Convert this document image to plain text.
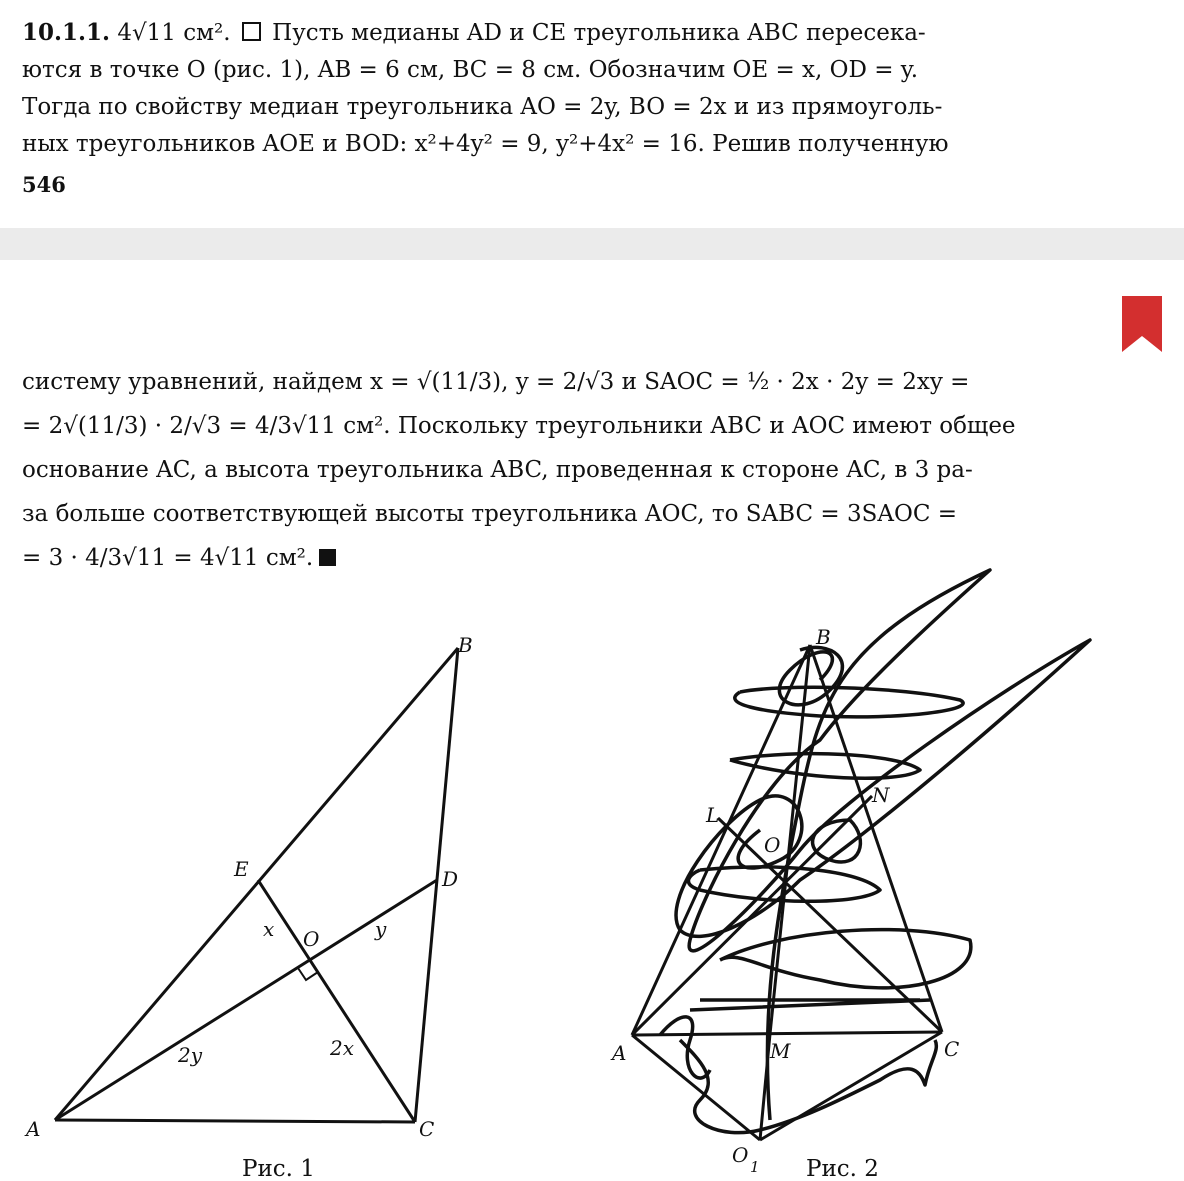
10.1.1. 4√11 см². Пусть медианы AD и CE треугольника ABC пересека-
ются в точке O (рис. 1), AB = 6 см, BC = 8 см. Обозначим OE = x, OD = y.
Тогда по свойству медиан треугольника AO = 2y, BO = 2x и из прямоуголь-
ных треугольников AOE и BOD: x²+4y² = 9, y²+4x² = 16. Решив полученную
546
систему уравнений, найдем x = √(11/3), y = 2/√3 и SAOC = ½ · 2x · 2y = 2xy =
= 2√(11/3) · 2/√3 = 4/3√11 см². Поскольку треугольники ABC и AOC имеют общее
основание AC, а высота треугольника ABC, проведенная к стороне AC, в 3 ра-
за больше соответствующей высоты треугольника AOC, то SABC = 3SAOC =
= 3 · 4/3√11 = 4√11 см².
B
A	C
D
E
O
x	y
2x
2y
Рис. 1
B
A	C
M
N
L
O
O 1 Рис. 2
